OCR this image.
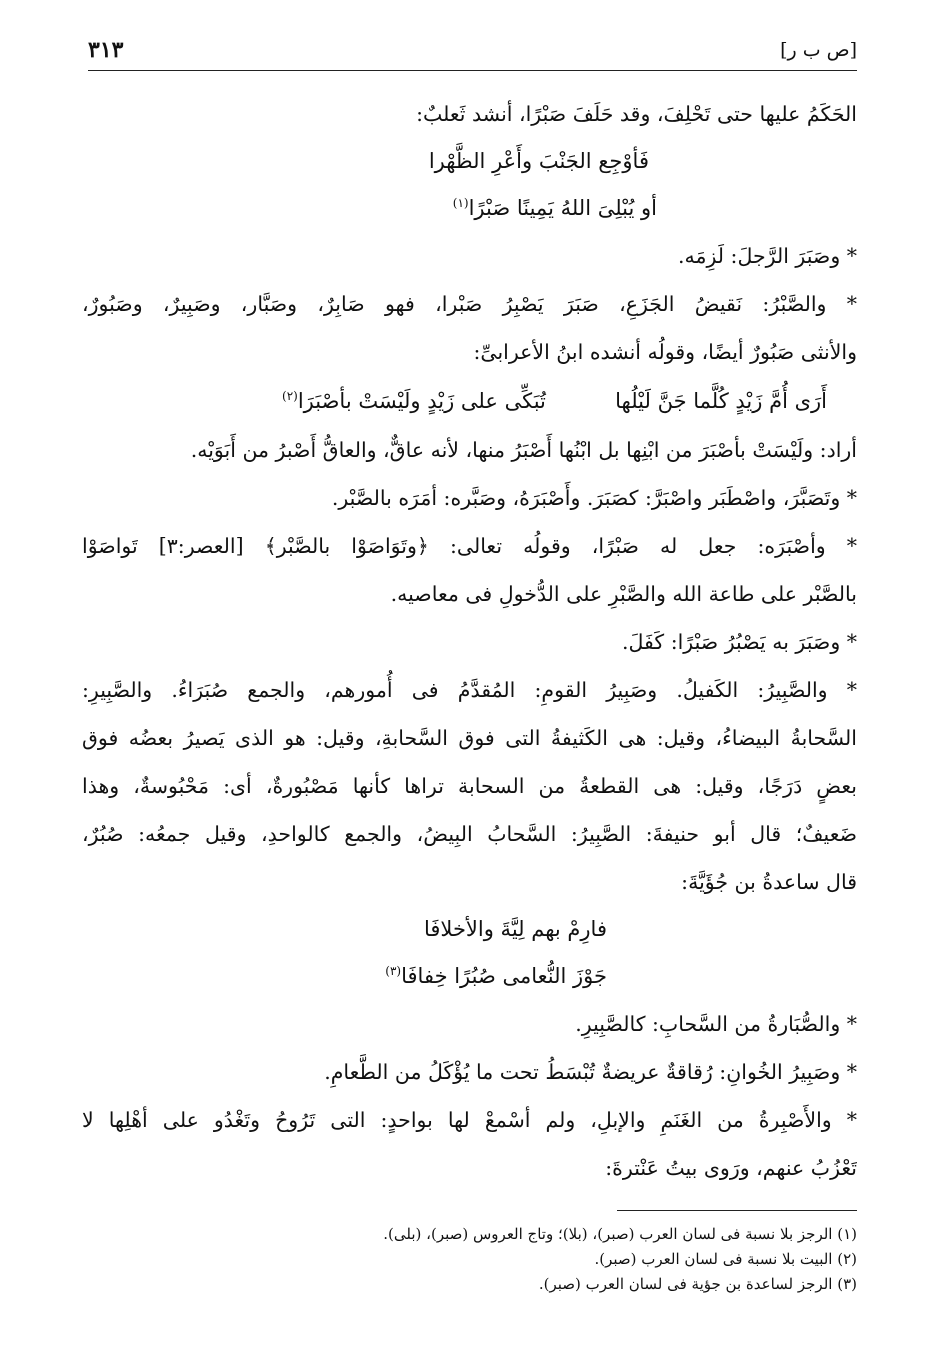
[ص ب ر]
٣١٣

الحَكَمُ عليها حتى تَحْلِفَ، وقد حَلَفَ صَبْرًا، أنشد ثَعلبٌ:

فَأوْجِع الجَنْبَ وأَعْرِ الظَّهْرا

أو يُبْلِىَ اللهُ يَمِينًا صَبْرًا$^{(١)}$

* وصَبَرَ الرَّجلَ: لَزِمَه.

* والصَّبْرُ: نَقيضُ الجَزَعِ، صَبَرَ يَصْبِرُ صَبْرا، فهو صَابِرٌ، وصَبَّار، وصَبِيرٌ، وصَبُورٌ،

والأنثى صَبُورٌ أيضًا، وقولُه أنشده ابنُ الأعرابىِّ:

أَرَى أُمَّ زَيْدٍ كُلَّما جَنَّ لَيْلُها
تُبَكِّى على زَيْدٍ ولَيْسَتْ بأصْبَرَا$^{(٢)}$

أراد: ولَيْسَتْ بأصْبَرَ من ابْنِها بل ابْنُها أَصْبَرُ منها، لأنه عاقٌّ، والعاقُّ أَصْبرُ من أَبَوَيْه.

* وتَصَبَّرَ، واصْطَبَر واصْبَرَّ: كصَبَرَ. وأَصْبَرَهُ، وصَبَّره: أمَرَه بالصَّبْر.

* وأصْبَرَه: جعل له صَبْرًا، وقولُه تعالى: ﴿وتَوَاصَوْا بالصَّبْر﴾ [العصر:٣] تَواصَوْا

بالصَّبْر على طاعة الله والصَّبْرِ على الدُّخولِ فى معاصيه.

* وصَبَرَ به يَصْبُرُ صَبْرًا: كَفَلَ.

* والصَّبِيرُ: الكَفيلُ. وصَبِيرُ القومِ: المُقدَّمُ فى أُمورهم، والجمع صُبَرَاءُ. والصَّبِيرِ:

السَّحابةُ البيضاءُ، وقيل: هى الكَثيفةُ التى فوق السَّحابةِ، وقيل: هو الذى يَصيرُ بعضُه فوق

بعضٍ دَرَجًا، وقيل: هى القطعةُ من السحابة تراها كأنها مَصْبُورةٌ، أى: مَحْبُوسةٌ، وهذا

ضَعيفٌ؛ قال أبو حنيفةَ: الصَّبِيرُ: السَّحابُ البِيضُ، والجمع كالواحدِ، وقيل جمعُه: صُبُرٌ،

قال ساعدةُ بن جُؤَيَّةَ:

فارِمْ بهم لِيَّةَ والأخلافَا

جَوْزَ النُّعامى صُبُرًا خِفافَا$^{(٣)}$

* والصُّبَارةُ من السَّحابِ: كالصَّبِيرِ.

* وصَبِيرُ الخُوانِ: رُقاقةٌ عريضةٌ تُبْسَطُ تحت ما يُؤْكَلُ من الطَّعامِ.

* والأَصْبِرةُ من الغَنَمِ والإبلِ، ولم أسْمعْ لها بواحدٍ: التى تَرُوحُ وتَغْدُو على أهْلِها لا

تَعْزُبُ عنهم، ورَوى بيتُ عَنْترةَ:

(١) الرجز بلا نسبة فى لسان العرب (صبر)، (بلا)؛ وتاج العروس (صبر)، (بلى).

(٢) البيت بلا نسبة فى لسان العرب (صبر).

(٣) الرجز لساعدة بن جؤية فى لسان العرب (صبر).
